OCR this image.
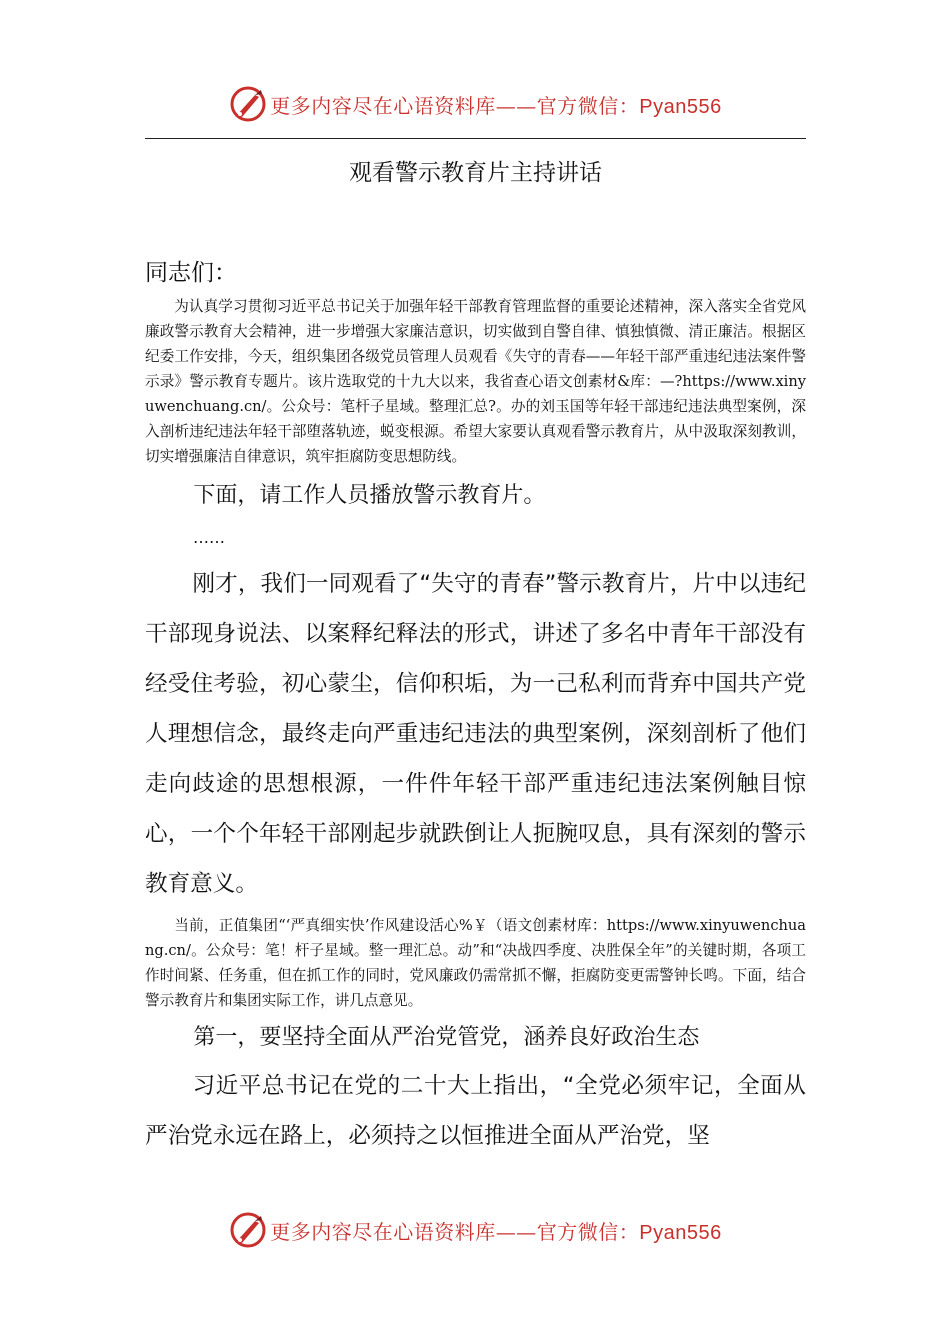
更多内容尽在心语资料库——官方微信：Pyan556
观看警示教育片主持讲话
同志们：

为认真学习贯彻习近平总书记关于加强年轻干部教育管理监督的重要论述精神，深入落实全省党风廉政警示教育大会精神，进一步增强大家廉洁意识，切实做到自警自律、慎独慎微、清正廉洁。根据区纪委工作安排，今天，组织集团各级党员管理人员观看《失守的青春——年轻干部严重违纪违法案件警示录》警示教育专题片。该片选取党的十九大以来，我省查心语文创素材&库：—?https://www.xinyuwenchuang.cn/。公众号：笔杆子星域。整理汇总?。办的刘玉国等年轻干部违纪违法典型案例，深入剖析违纪违法年轻干部堕落轨迹，蜕变根源。希望大家要认真观看警示教育片，从中汲取深刻教训，切实增强廉洁自律意识，筑牢拒腐防变思想防线。

下面，请工作人员播放警示教育片。

……

刚才，我们一同观看了“失守的青春”警示教育片，片中以违纪干部现身说法、以案释纪释法的形式，讲述了多名中青年干部没有经受住考验，初心蒙尘，信仰积垢，为一己私利而背弃中国共产党人理想信念，最终走向严重违纪违法的典型案例，深刻剖析了他们走向歧途的思想根源，一件件年轻干部严重违纪违法案例触目惊心，一个个年轻干部刚起步就跌倒让人扼腕叹息，具有深刻的警示教育意义。

当前，正值集团“‘严真细实快’作风建设活心%￥（语文创素材库：https://www.xinyuwenchuang.cn/。公众号：笔！杆子星域。整一理汇总。动”和“决战四季度、决胜保全年”的关键时期，各项工作时间紧、任务重，但在抓工作的同时，党风廉政仍需常抓不懈，拒腐防变更需警钟长鸣。下面，结合警示教育片和集团实际工作，讲几点意见。

第一，要坚持全面从严治党管党，涵养良好政治生态

习近平总书记在党的二十大上指出，“全党必须牢记，全面从严治党永远在路上，必须持之以恒推进全面从严治党，坚

更多内容尽在心语资料库——官方微信：Pyan556
